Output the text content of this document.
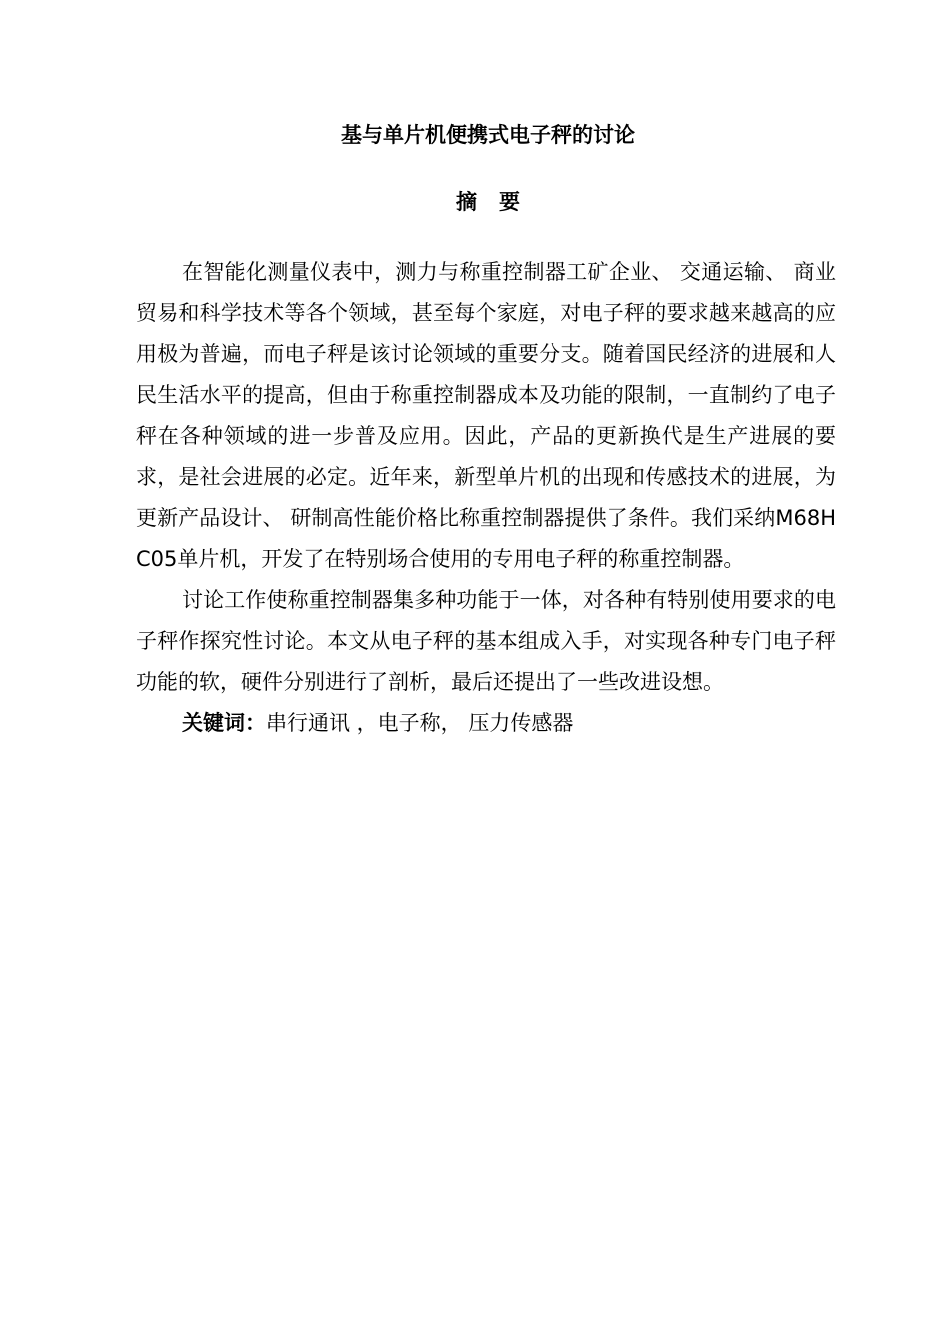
基与单片机便携式电子秤的讨论
摘 要

在智能化测量仪表中，测力与称重控制器工矿企业、 交通运输、 商业贸易和科学技术等各个领域，甚至每个家庭，对电子秤的要求越来越高的应用极为普遍，而电子秤是该讨论领域的重要分支。随着国民经济的进展和人民生活水平的提高，但由于称重控制器成本及功能的限制，一直制约了电子秤在各种领域的进一步普及应用。因此，产品的更新换代是生产进展的要求，是社会进展的必定。近年来，新型单片机的出现和传感技术的进展，为更新产品设计、 研制高性能价格比称重控制器提供了条件。我们采纳M68HC05单片机，开发了在特别场合使用的专用电子秤的称重控制器。

讨论工作使称重控制器集多种功能于一体，对各种有特别使用要求的电子秤作探究性讨论。本文从电子秤的基本组成入手，对实现各种专门电子秤功能的软，硬件分别进行了剖析，最后还提出了一些改进设想。

关键词：串行通讯 ，电子称， 压力传感器
